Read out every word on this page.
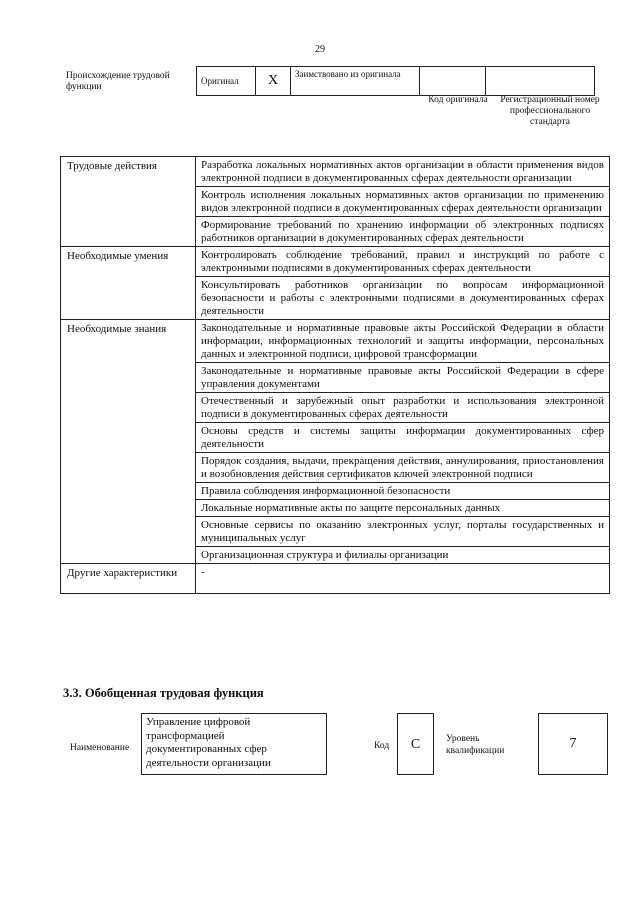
29
Происхождение трудовой функции
Оригинал	X	Заимствовано из оригинала		
Код оригинала Регистрационный номер профессионального стандарта
Трудовые действия	Разработка локальных нормативных актов организации в области применения видов электронной подписи в документированных сферах деятельности организации
	Контроль исполнения локальных нормативных актов организации по применению видов электронной подписи в документированных сферах деятельности организации
	Формирование требований по хранению информации об электронных подписях работников организации в документированных сферах деятельности
Необходимые умения	Контролировать соблюдение требований, правил и инструкций по работе с электронными подписями в документированных сферах деятельности
	Консультировать работников организации по вопросам информационной безопасности и работы с электронными подписями в документированных сферах деятельности
Необходимые знания	Законодательные и нормативные правовые акты Российской Федерации в области информации, информационных технологий и защиты информации, персональных данных и электронной подписи, цифровой трансформации
	Законодательные и нормативные правовые акты Российской Федерации в сфере управления документами
	Отечественный и зарубежный опыт разработки и использования электронной подписи в документированных сферах деятельности
	Основы средств и системы защиты информации документированных сфер деятельности
	Порядок создания, выдачи, прекращения действия, аннулирования, приостановления и возобновления действия сертификатов ключей электронной подписи
	Правила соблюдения информационной безопасности
	Локальные нормативные акты по защите персональных данных
	Основные сервисы по оказанию электронных услуг, порталы государственных и муниципальных услуг
	Организационная структура и филиалы организации
Другие характеристики	-
3.3. Обобщенная трудовая функция
Наименование
Управление цифровой трансформацией документированных сфер деятельности организации
Код	C	Уровень квалификации	7
